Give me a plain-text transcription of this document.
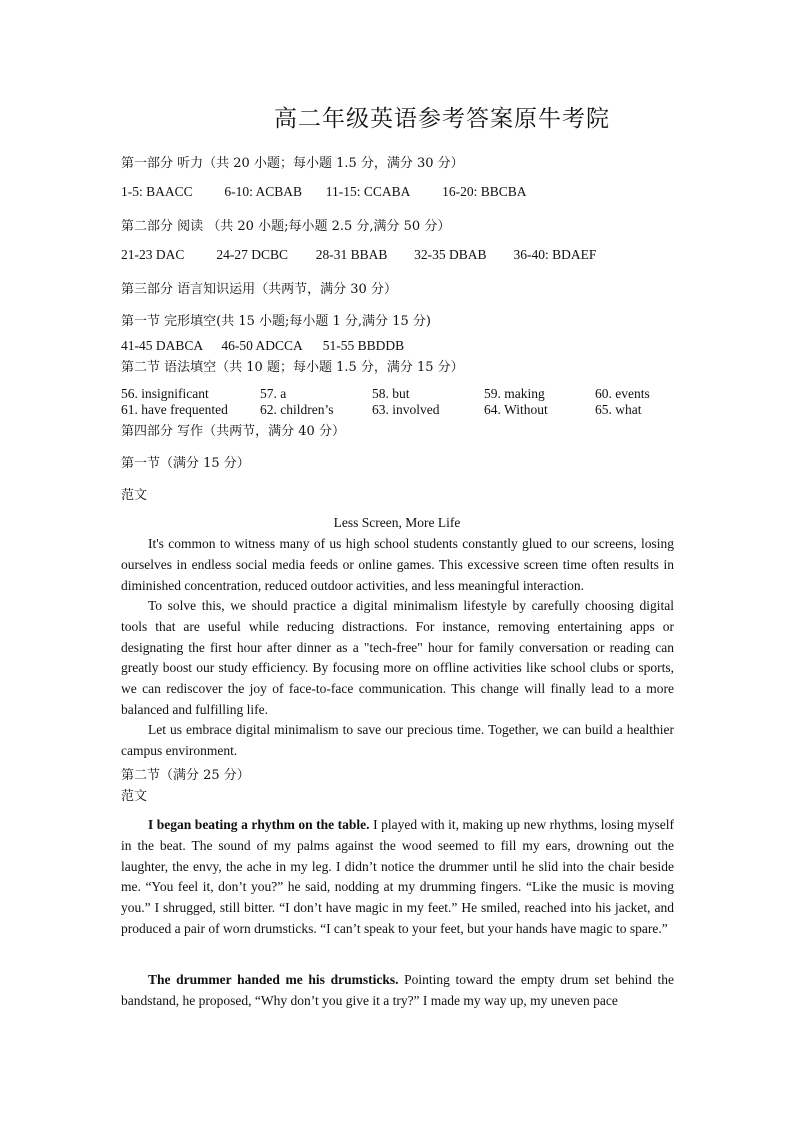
高二年级英语参考答案原牛考院
第一部分 听力（共 20 小题；每小题 1.5 分，满分 30 分）
1-5: BAACC 6-10: ACBAB 11-15: CCABA 16-20: BBCBA
第二部分 阅读 （共 20 小题;每小题 2.5 分,满分 50 分）
21-23 DAC 24-27 DCBC 28-31 BBAB 32-35 DBAB 36-40: BDAEF
第三部分 语言知识运用（共两节，满分 30 分）
第一节 完形填空(共 15 小题;每小题 1 分,满分 15 分)
41-45 DABCA 46-50 ADCCA 51-55 BBDDB
第二节 语法填空（共 10 题；每小题 1.5 分，满分 15 分）
56. insignificant	57. a	58. but	59. making	60. events
61. have frequented	62. children’s	63. involved	64. Without	65. what
第四部分 写作（共两节，满分 40 分）
第一节（满分 15 分）
范文
Less Screen, More Life

It's common to witness many of us high school students constantly glued to our screens, losing ourselves in endless social media feeds or online games. This excessive screen time often results in diminished concentration, reduced outdoor activities, and less meaningful interaction.

To solve this, we should practice a digital minimalism lifestyle by carefully choosing digital tools that are useful while reducing distractions. For instance, removing entertaining apps or designating the first hour after dinner as a "tech-free" hour for family conversation or reading can greatly boost our study efficiency. By focusing more on offline activities like school clubs or sports, we can rediscover the joy of face-to-face communication. This change will finally lead to a more balanced and fulfilling life.

Let us embrace digital minimalism to save our precious time. Together, we can build a healthier campus environment.

第二节（满分 25 分）
范文

I began beating a rhythm on the table. I played with it, making up new rhythms, losing myself in the beat. The sound of my palms against the wood seemed to fill my ears, drowning out the laughter, the envy, the ache in my leg. I didn’t notice the drummer until he slid into the chair beside me. “You feel it, don’t you?” he said, nodding at my drumming fingers. “Like the music is moving you.” I shrugged, still bitter. “I don’t have magic in my feet.” He smiled, reached into his jacket, and produced a pair of worn drumsticks. “I can’t speak to your feet, but your hands have magic to spare.”

The drummer handed me his drumsticks. Pointing toward the empty drum set behind the bandstand, he proposed, “Why don’t you give it a try?” I made my way up, my uneven pace
